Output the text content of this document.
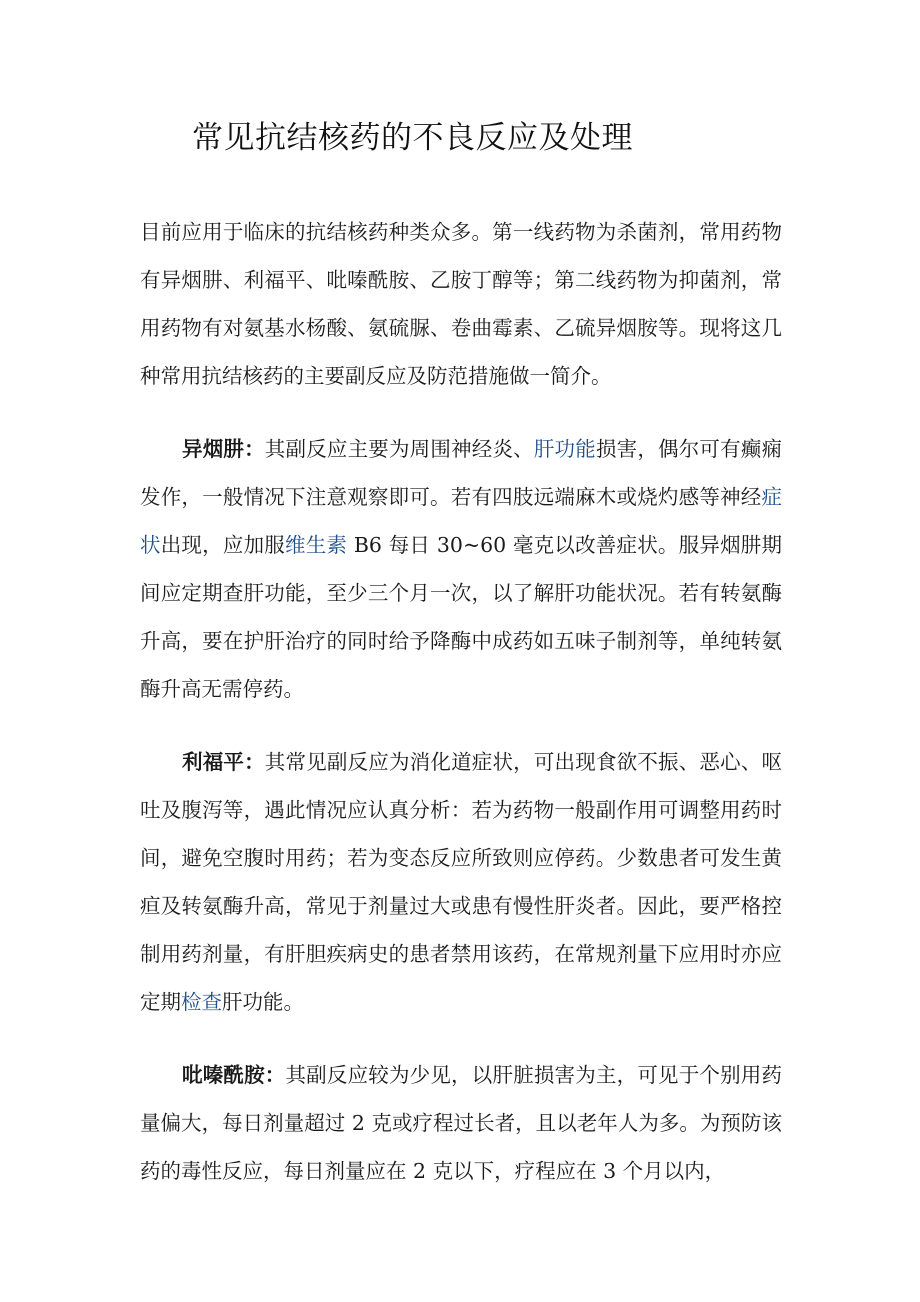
常见抗结核药的不良反应及处理

目前应用于临床的抗结核药种类众多。第一线药物为杀菌剂，常用药物有异烟肼、利福平、吡嗪酰胺、乙胺丁醇等；第二线药物为抑菌剂，常用药物有对氨基水杨酸、氨硫脲、卷曲霉素、乙硫异烟胺等。现将这几种常用抗结核药的主要副反应及防范措施做一简介。

异烟肼：其副反应主要为周围神经炎、肝功能损害，偶尔可有癫痫发作，一般情况下注意观察即可。若有四肢远端麻木或烧灼感等神经症状出现，应加服维生素 B6 每日 30~60 毫克以改善症状。服异烟肼期间应定期查肝功能，至少三个月一次，以了解肝功能状况。若有转氨酶升高，要在护肝治疗的同时给予降酶中成药如五味子制剂等，单纯转氨酶升高无需停药。

利福平：其常见副反应为消化道症状，可出现食欲不振、恶心、呕吐及腹泻等，遇此情况应认真分析：若为药物一般副作用可调整用药时间，避免空腹时用药；若为变态反应所致则应停药。少数患者可发生黄疸及转氨酶升高，常见于剂量过大或患有慢性肝炎者。因此，要严格控制用药剂量，有肝胆疾病史的患者禁用该药，在常规剂量下应用时亦应定期检查肝功能。

吡嗪酰胺：其副反应较为少见，以肝脏损害为主，可见于个别用药量偏大，每日剂量超过 2 克或疗程过长者，且以老年人为多。为预防该药的毒性反应，每日剂量应在 2 克以下，疗程应在 3 个月以内，
